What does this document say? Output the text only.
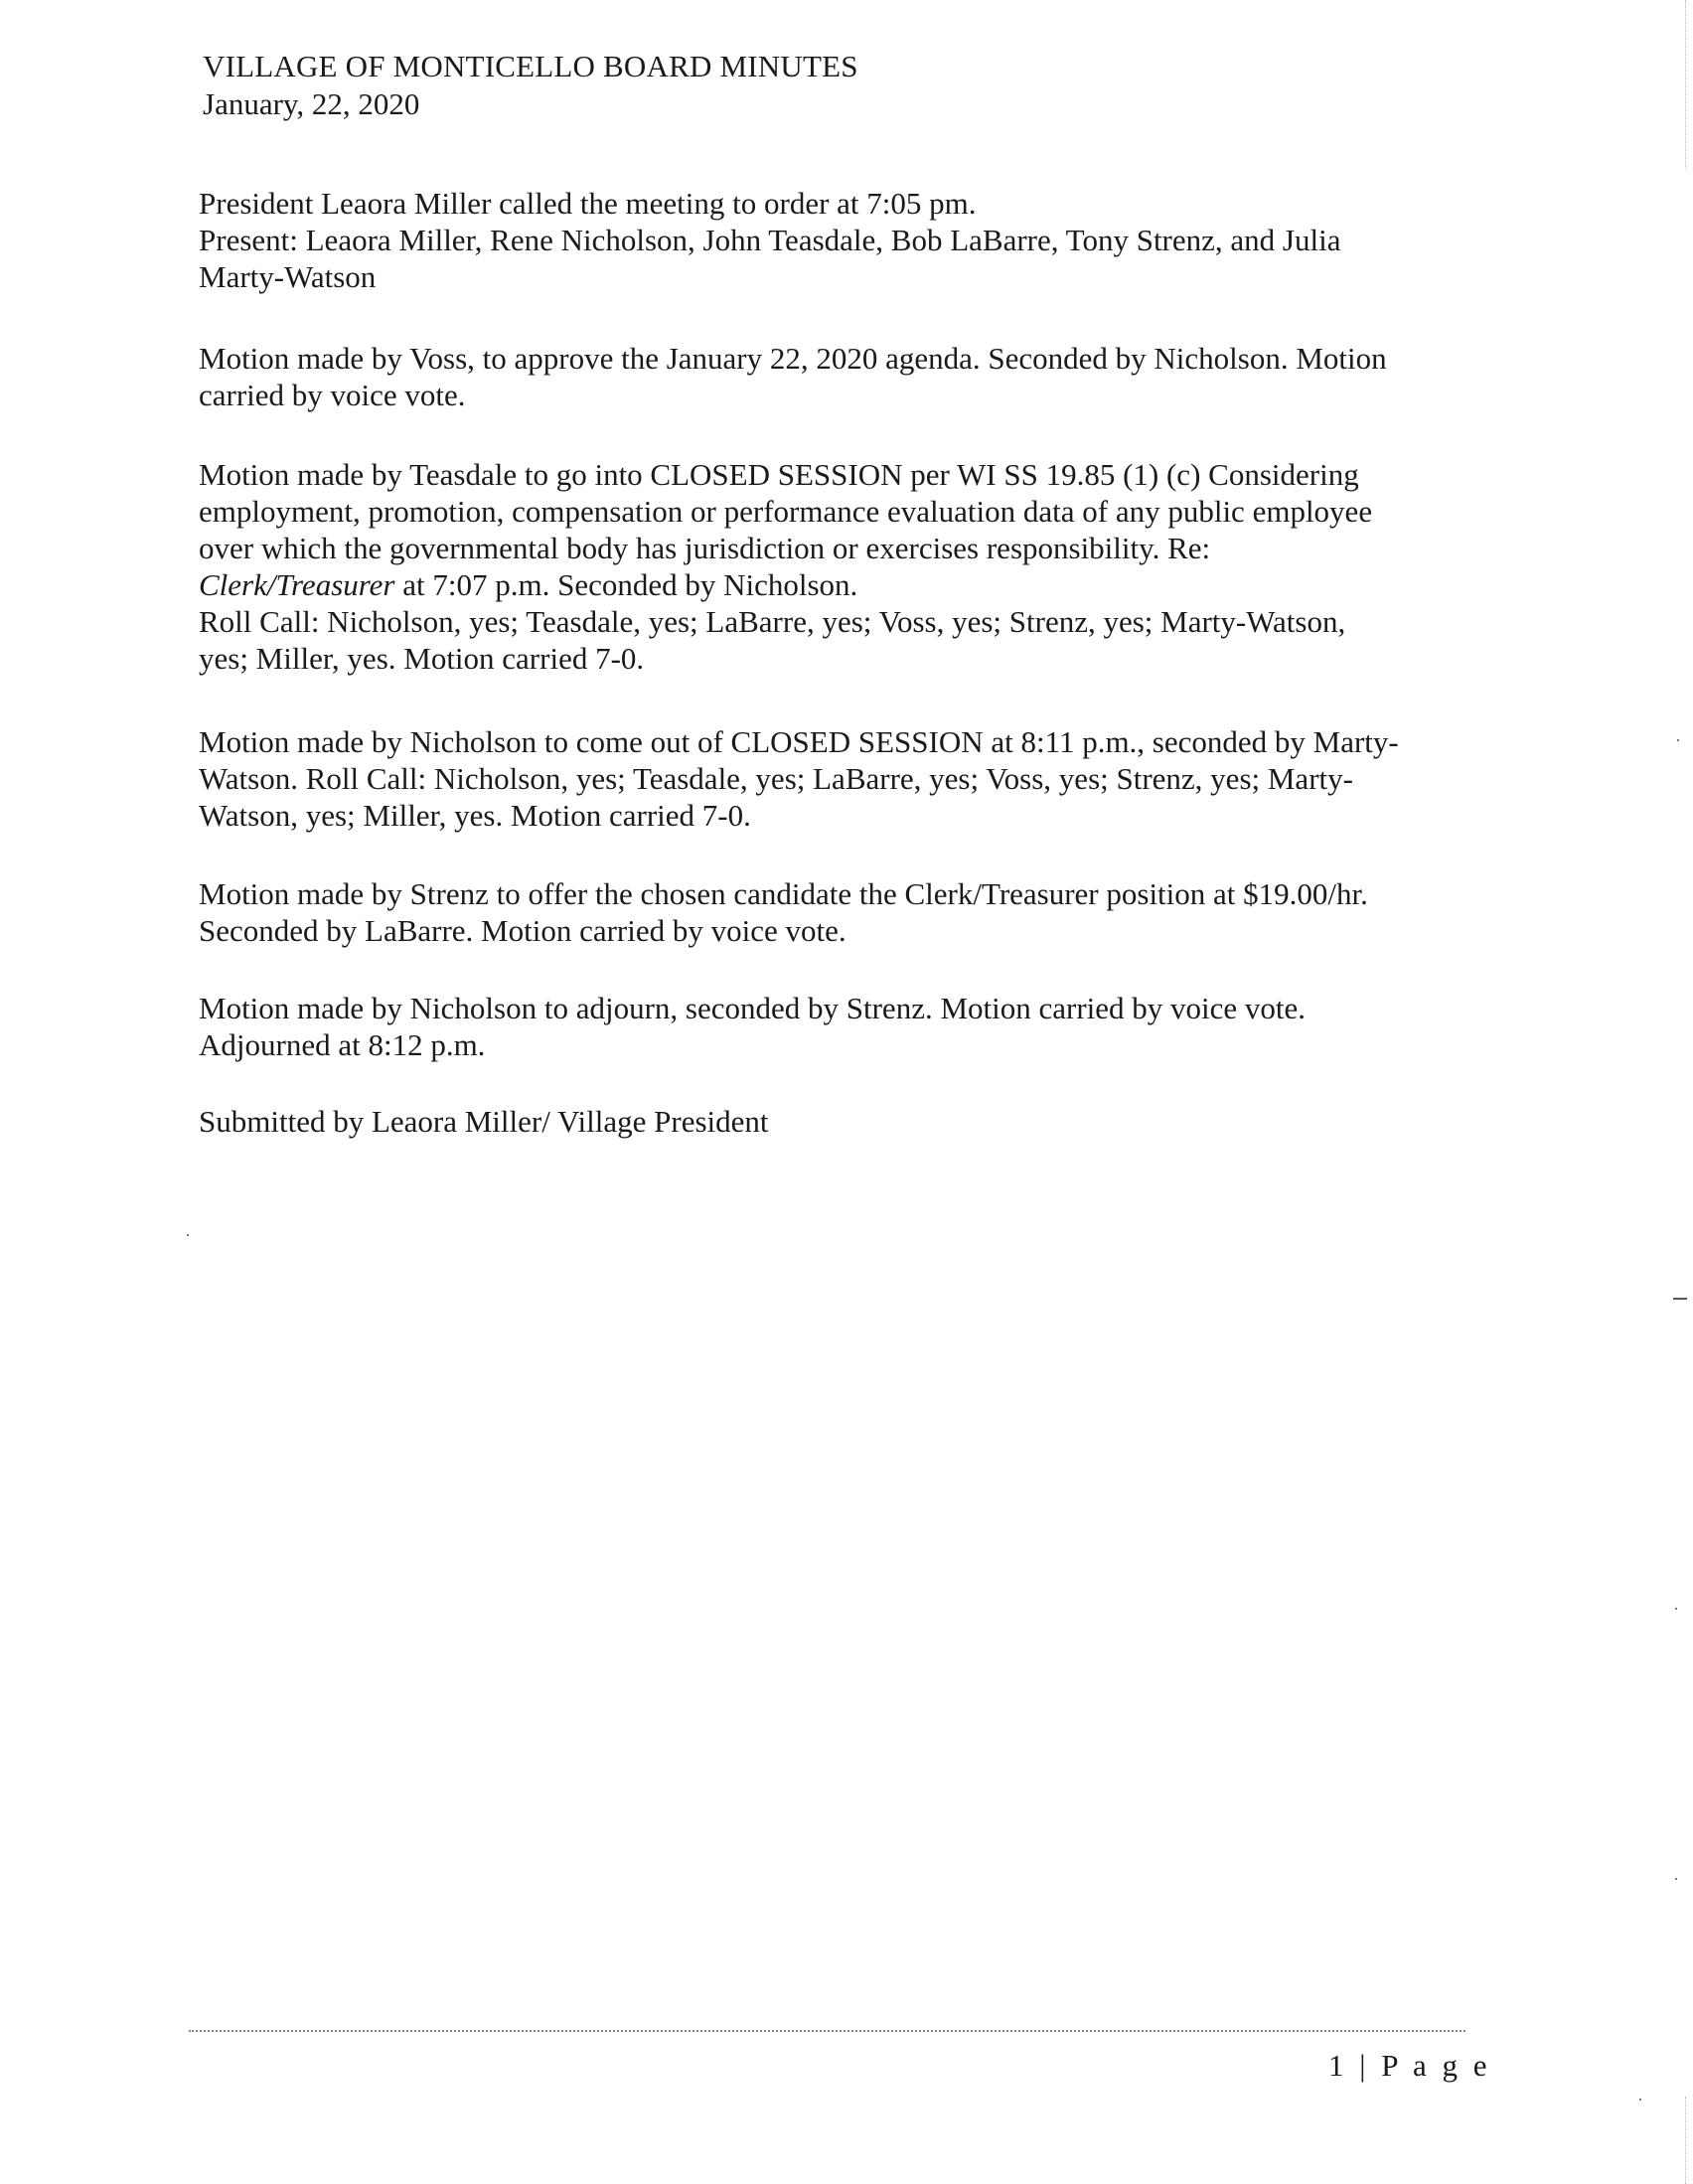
VILLAGE OF MONTICELLO BOARD MINUTES
January, 22, 2020
President Leaora Miller called the meeting to order at 7:05 pm.
Present: Leaora Miller, Rene Nicholson, John Teasdale, Bob LaBarre, Tony Strenz, and Julia
Marty-Watson
Motion made by Voss, to approve the January 22, 2020 agenda. Seconded by Nicholson. Motion
carried by voice vote.
Motion made by Teasdale to go into CLOSED SESSION per WI SS 19.85 (1) (c) Considering
employment, promotion, compensation or performance evaluation data of any public employee
over which the governmental body has jurisdiction or exercises responsibility. Re:
Clerk/Treasurer at 7:07 p.m. Seconded by Nicholson.
Roll Call: Nicholson, yes; Teasdale, yes; LaBarre, yes; Voss, yes; Strenz, yes; Marty-Watson,
yes; Miller, yes. Motion carried 7-0.
Motion made by Nicholson to come out of CLOSED SESSION at 8:11 p.m., seconded by Marty-
Watson. Roll Call: Nicholson, yes; Teasdale, yes; LaBarre, yes; Voss, yes; Strenz, yes; Marty-
Watson, yes; Miller, yes. Motion carried 7-0.
Motion made by Strenz to offer the chosen candidate the Clerk/Treasurer position at $19.00/hr.
Seconded by LaBarre. Motion carried by voice vote.
Motion made by Nicholson to adjourn, seconded by Strenz. Motion carried by voice vote.
Adjourned at 8:12 p.m.
Submitted by Leaora Miller/ Village President
1 | P a g e
